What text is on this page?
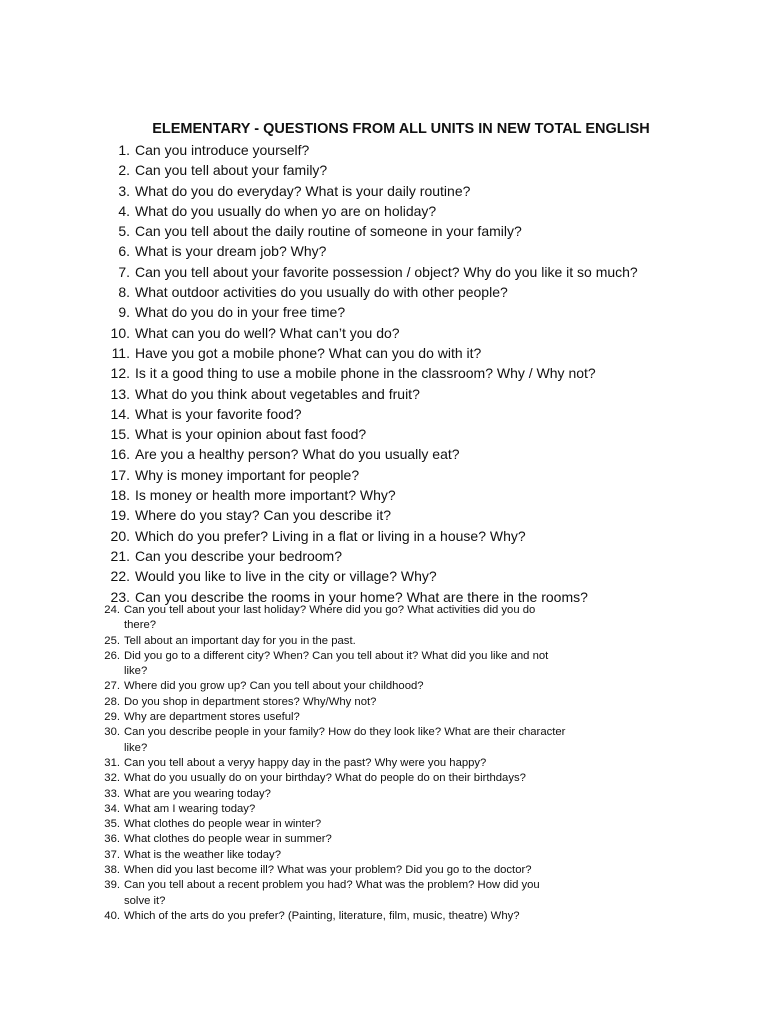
ELEMENTARY - QUESTIONS FROM ALL UNITS IN NEW TOTAL ENGLISH
1. Can you introduce yourself?
2. Can you tell about your family?
3. What do you do everyday? What is your daily routine?
4. What do you usually do when yo are on holiday?
5. Can you tell about the daily routine of someone in your family?
6. What is your dream job? Why?
7. Can you tell about your favorite possession / object? Why do you like it so much?
8. What outdoor activities do you usually do with other people?
9. What do you do in your free time?
10. What can you do well? What can’t you do?
11. Have you got a mobile phone? What can you do with it?
12. Is it a good thing to use a mobile phone in the classroom? Why / Why not?
13. What do you think about vegetables and fruit?
14. What is your favorite food?
15. What is your opinion about fast food?
16. Are you a healthy person? What do you usually eat?
17. Why is money important for people?
18. Is money or health more important? Why?
19. Where do you stay? Can you describe it?
20. Which do you prefer? Living in a flat or living in a house? Why?
21. Can you describe your bedroom?
22. Would you like to live in the city or village? Why?
23. Can you describe the rooms in your home? What are there in the rooms?
24. Can you tell about your last holiday? Where did you go? What activities did you do
there?
25. Tell about an important day for you in the past.
26. Did you go to a different city? When? Can you tell about it? What did you like and not
like?
27. Where did you grow up? Can you tell about your childhood?
28. Do you shop in department stores? Why/Why not?
29. Why are department stores useful?
30. Can you describe people in your family? How do they look like? What are their character
like?
31. Can you tell about a veryy happy day in the past? Why were you happy?
32. What do you usually do on your birthday? What do people do on their birthdays?
33. What are you wearing today?
34. What am I wearing today?
35. What clothes do people wear in winter?
36. What clothes do people wear in summer?
37. What is the weather like today?
38. When did you last become ill? What was your problem? Did you go to the doctor?
39. Can you tell about a recent problem you had? What was the problem? How did you
solve it?
40. Which of the arts do you prefer? (Painting, literature, film, music, theatre) Why?
